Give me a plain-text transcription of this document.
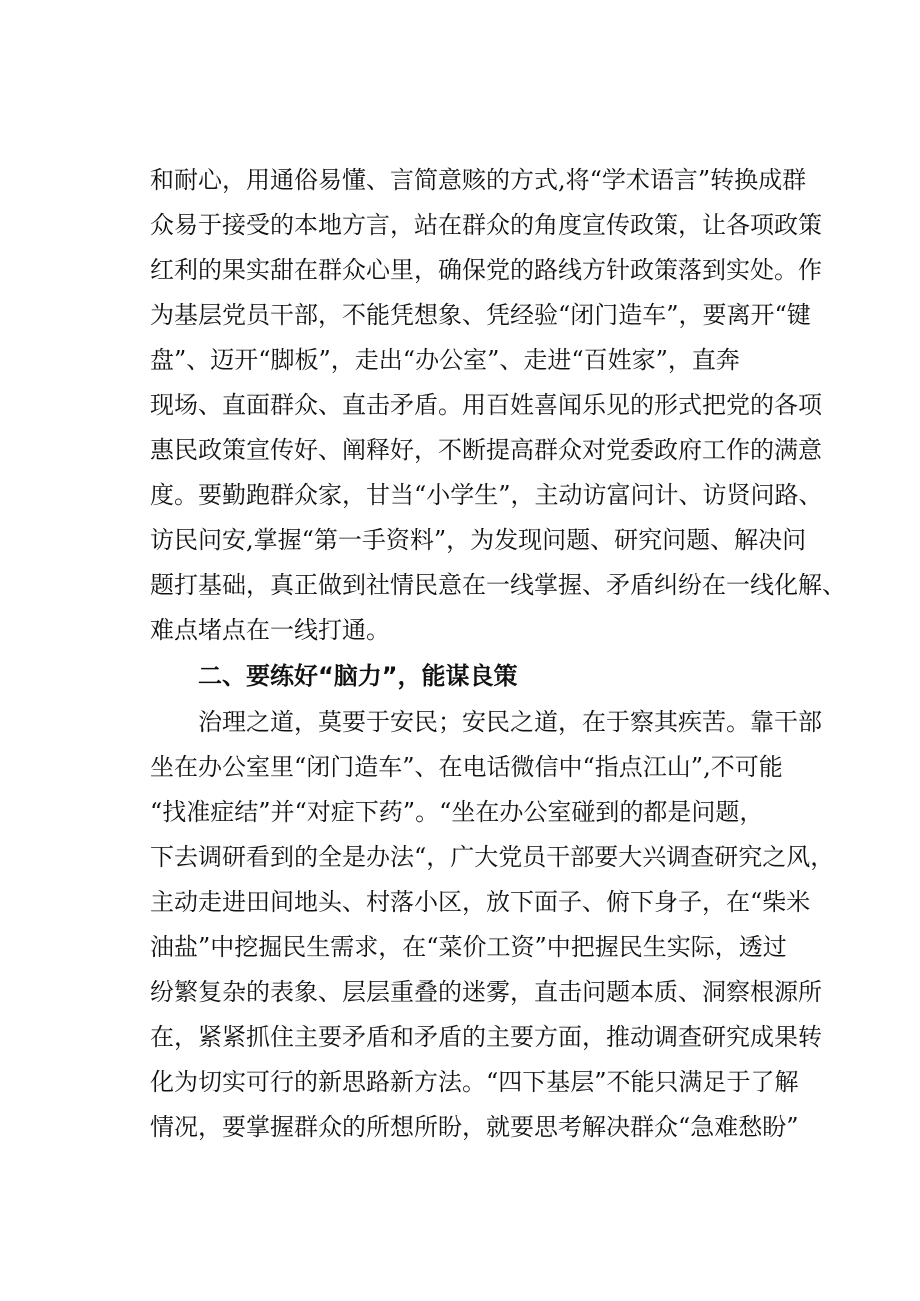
和耐心，用通俗易懂、言简意赅的方式,将“学术语言”转换成群
众易于接受的本地方言，站在群众的角度宣传政策，让各项政策
红利的果实甜在群众心里，确保党的路线方针政策落到实处。作
为基层党员干部，不能凭想象、凭经验“闭门造车”，要离开“键
盘”、迈开“脚板”，走出“办公室”、走进“百姓家”，直奔
现场、直面群众、直击矛盾。用百姓喜闻乐见的形式把党的各项
惠民政策宣传好、阐释好，不断提高群众对党委政府工作的满意
度。要勤跑群众家，甘当“小学生”，主动访富问计、访贤问路、
访民问安,掌握“第一手资料”，为发现问题、研究问题、解决问
题打基础，真正做到社情民意在一线掌握、矛盾纠纷在一线化解、
难点堵点在一线打通。
二、要练好“脑力”，能谋良策
治理之道，莫要于安民；安民之道，在于察其疾苦。靠干部
坐在办公室里“闭门造车”、在电话微信中“指点江山”,不可能
“找准症结”并“对症下药”。“坐在办公室碰到的都是问题，
下去调研看到的全是办法“，广大党员干部要大兴调查研究之风，
主动走进田间地头、村落小区，放下面子、俯下身子，在“柴米
油盐”中挖掘民生需求，在“菜价工资”中把握民生实际，透过
纷繁复杂的表象、层层重叠的迷雾，直击问题本质、洞察根源所
在，紧紧抓住主要矛盾和矛盾的主要方面，推动调查研究成果转
化为切实可行的新思路新方法。“四下基层”不能只满足于了解
情况，要掌握群众的所想所盼，就要思考解决群众“急难愁盼”
